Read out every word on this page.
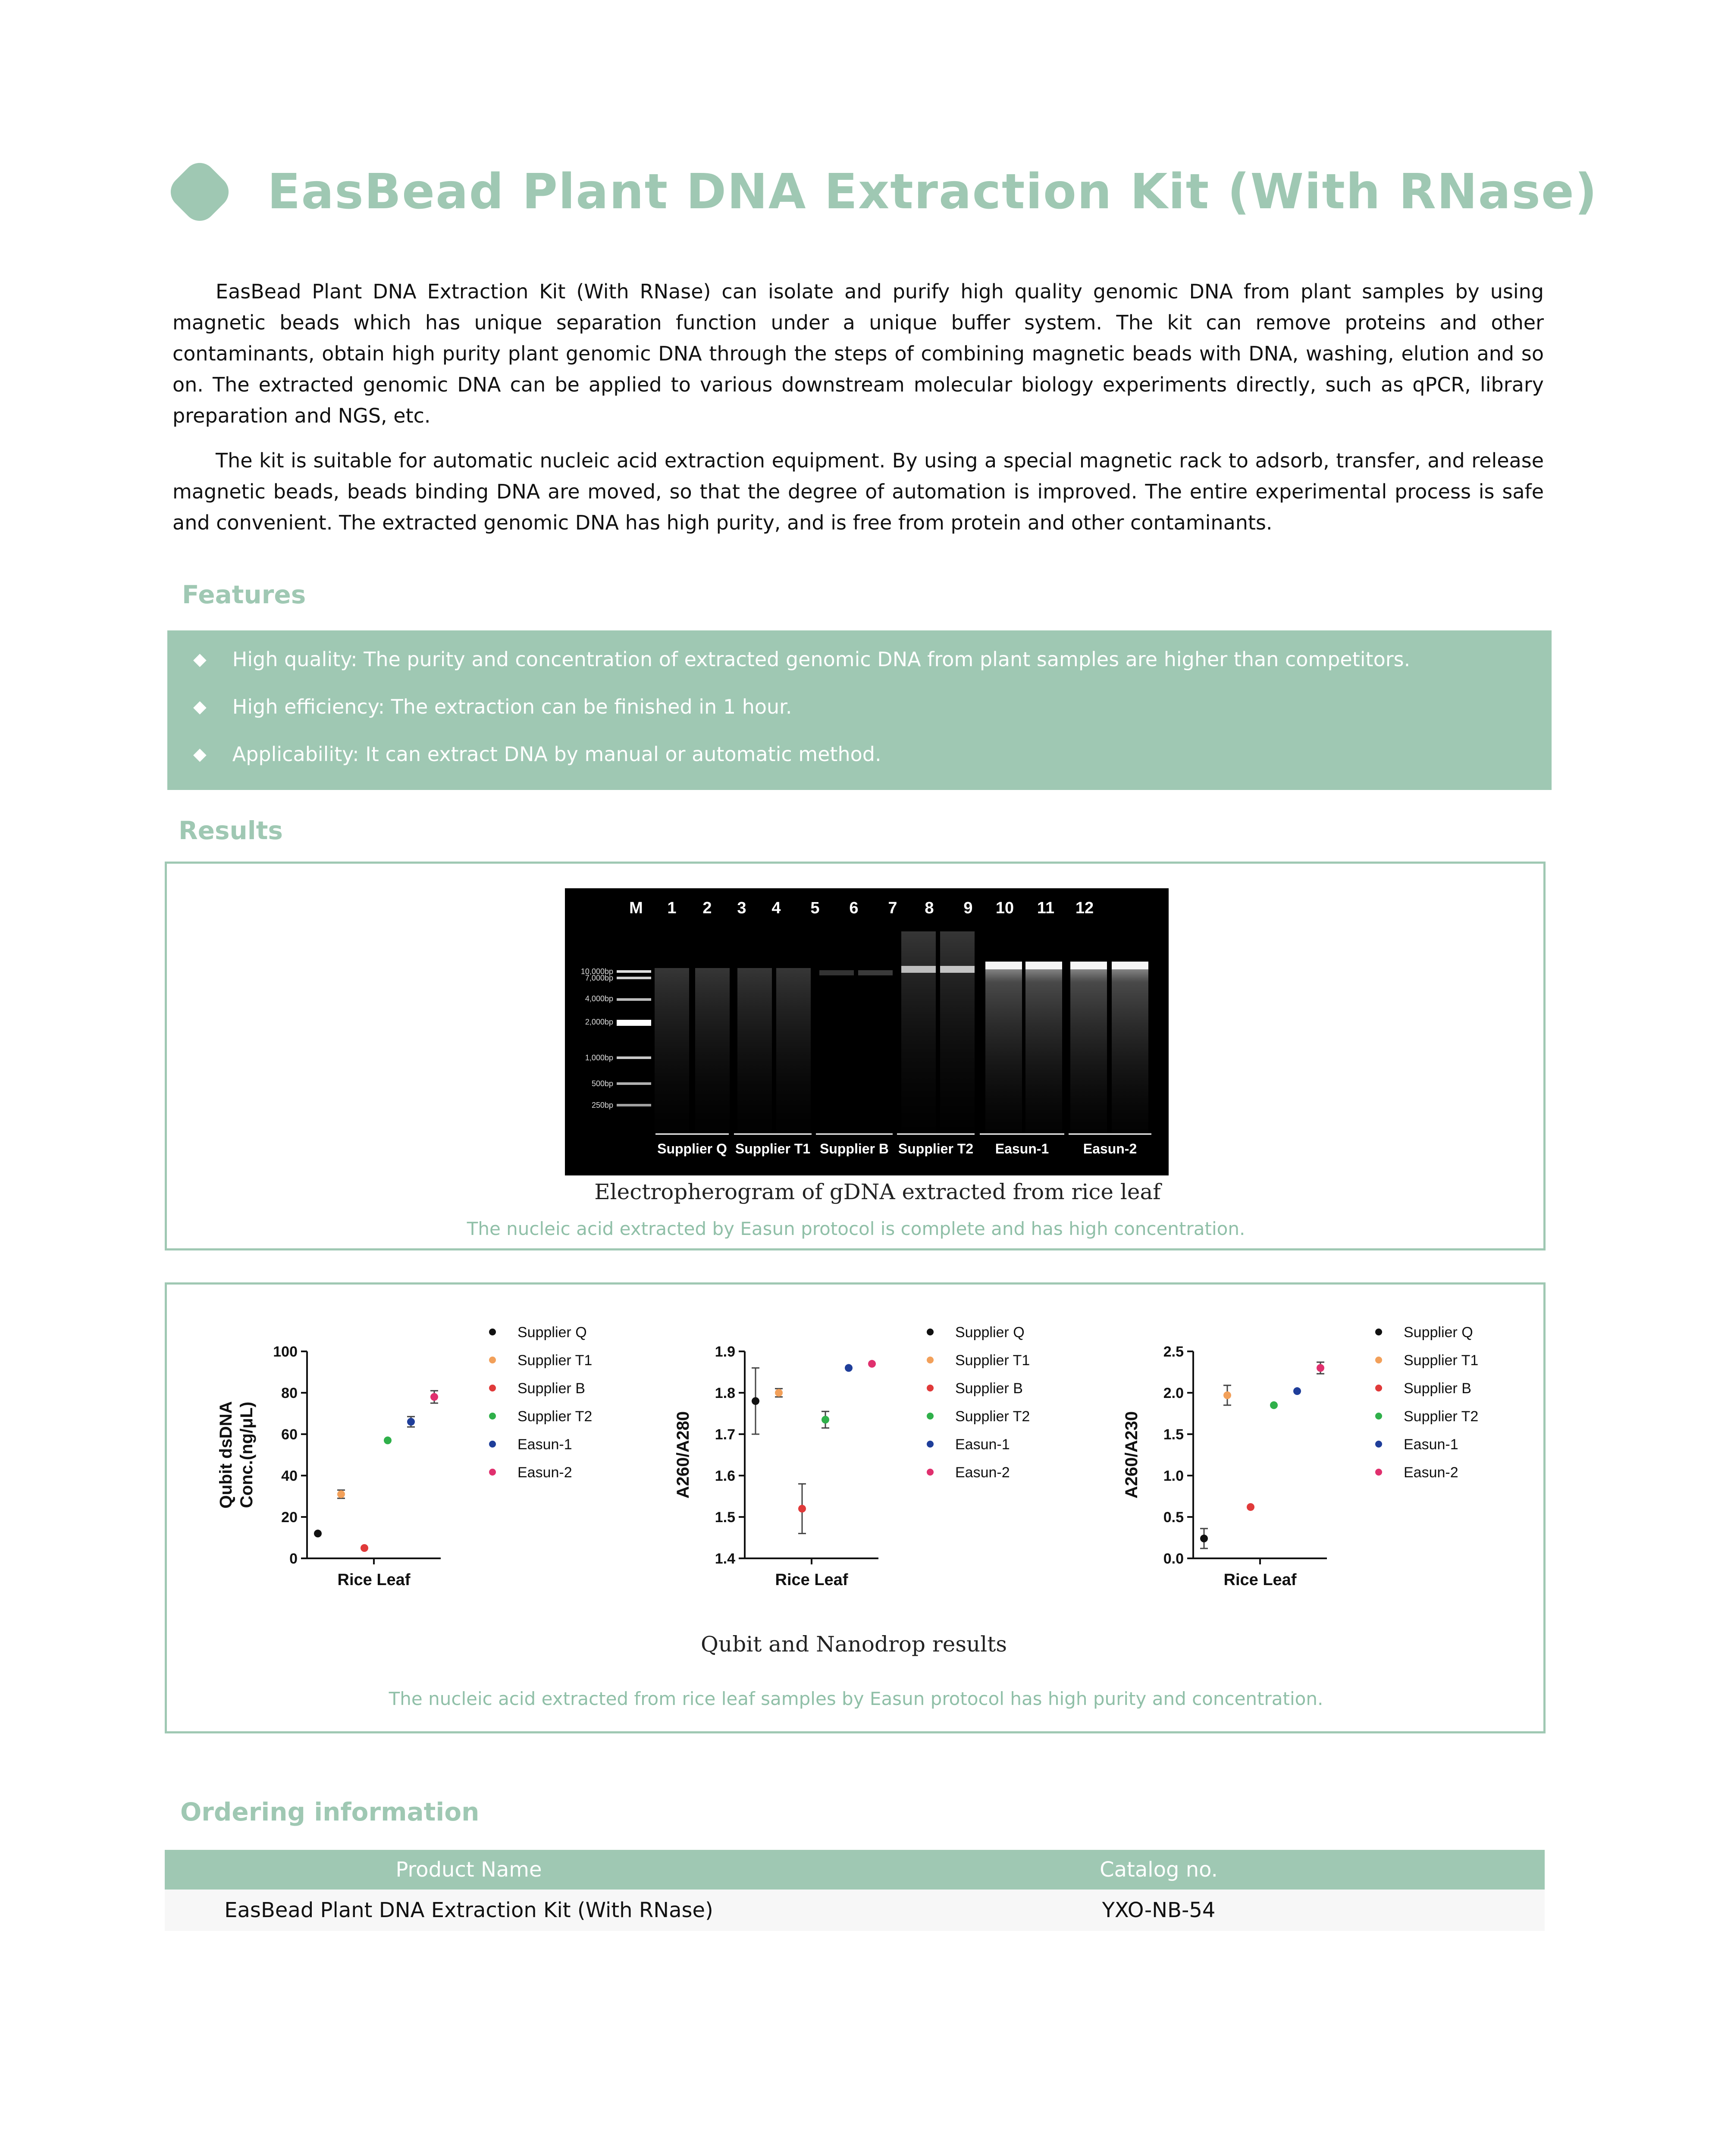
EasBead Plant DNA Extraction Kit (With RNase)
EasBead Plant DNA Extraction Kit (With RNase) can isolate and purify high quality genomic DNA from plant samples by using magnetic beads which has unique separation function under a unique buffer system. The kit can remove proteins and other contaminants, obtain high purity plant genomic DNA through the steps of combining magnetic beads with DNA, washing, elution and so on. The extracted genomic DNA can be applied to various downstream molecular biology experiments directly, such as qPCR, library preparation and NGS, etc.
The kit is suitable for automatic nucleic acid extraction equipment. By using a special magnetic rack to adsorb, transfer, and release magnetic beads, beads binding DNA are moved, so that the degree of automation is improved. The entire experimental process is safe and convenient. The extracted genomic DNA has high purity, and is free from protein and other contaminants.
Features
◆ High quality: The purity and concentration of extracted genomic DNA from plant samples are higher than competitors.
◆ High efficiency: The extraction can be finished in 1 hour.
◆ Applicability: It can extract DNA by manual or automatic method.
Results
M 1 2 3 4 5 6 7 8 9 10 11 12
10,000bp
7,000bp
4,000bp
2,000bp
1,000bp
500bp
250bp
Supplier Q Supplier T1 Supplier B Supplier T2 Easun-1 Easun-2
Electropherogram of gDNA extracted from rice leaf
The nucleic acid extracted by Easun protocol is complete and has high concentration.
0
20
40
60
80
100
Rice Leaf
Qubit dsDNA Conc.(ng/μL)
Supplier Q
Supplier T1
Supplier B
Supplier T2
Easun-1
Easun-2
1.4
1.5
1.6
1.7
1.8
1.9
Rice Leaf
A260/A280
Supplier Q
Supplier T1
Supplier B
Supplier T2
Easun-1
Easun-2
0.0
0.5
1.0
1.5
2.0
2.5
Rice Leaf
A260/A230
Supplier Q
Supplier T1
Supplier B
Supplier T2
Easun-1
Easun-2
Qubit and Nanodrop results
The nucleic acid extracted from rice leaf samples by Easun protocol has high purity and concentration.
Ordering information
Product Name	Catalog no.
EasBead Plant DNA Extraction Kit (With RNase)	YXO-NB-54
